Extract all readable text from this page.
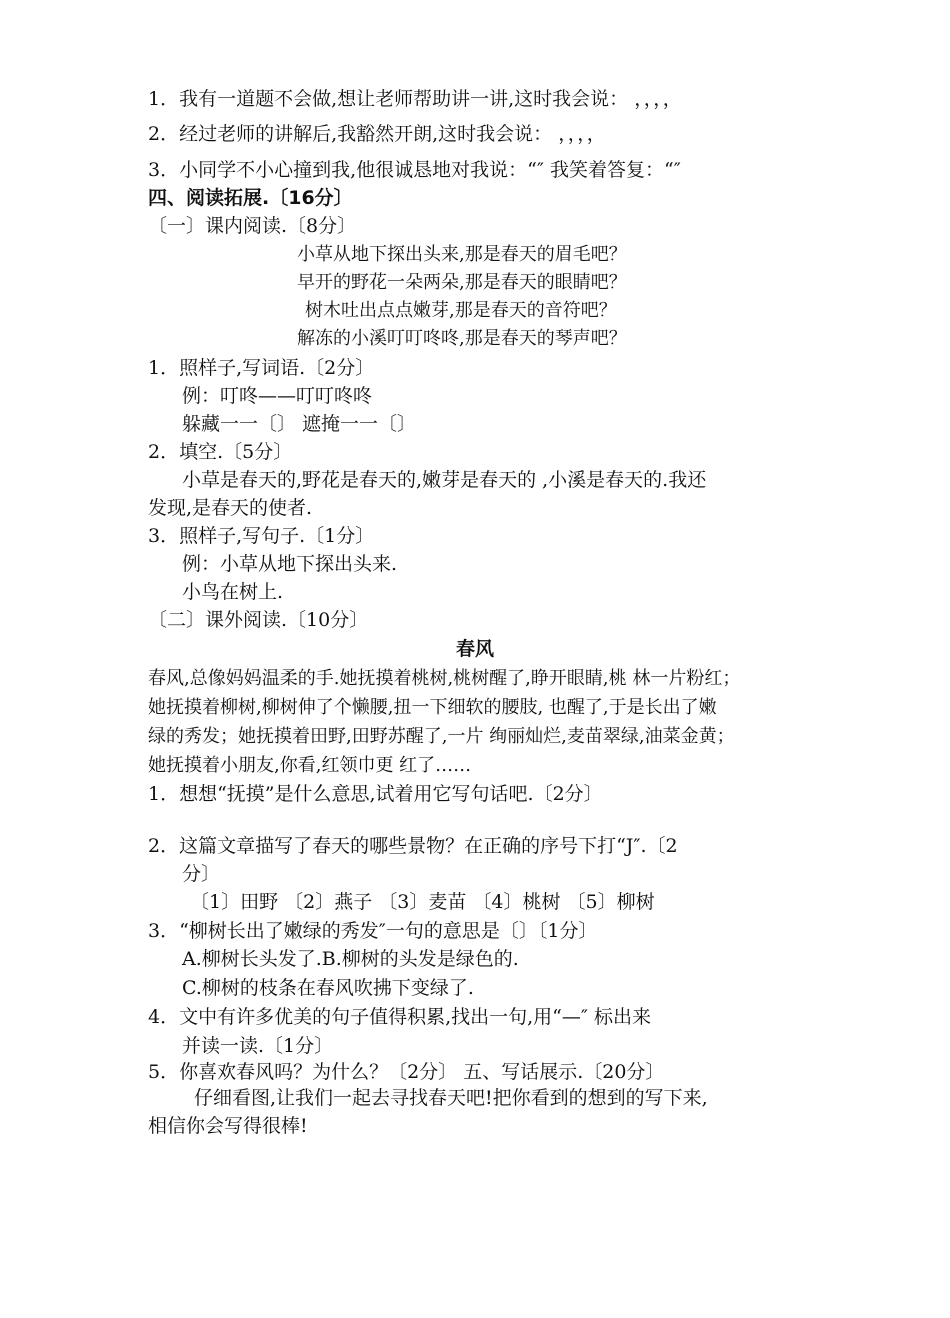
1．我有一道题不会做,想让老师帮助讲一讲,这时我会说： ，，，，
2．经过老师的讲解后,我豁然开朗,这时我会说： ，，，，
3．小同学不小心撞到我,他很诚恳地对我说：“″ 我笑着答复：“″
四、阅读拓展.〔16分〕
〔一〕课内阅读.〔8分〕
小草从地下探出头来,那是春天的眉毛吧？
早开的野花一朵两朵,那是春天的眼睛吧？
树木吐出点点嫩芽,那是春天的音符吧？
解冻的小溪叮叮咚咚,那是春天的琴声吧？
1．照样子,写词语.〔2分〕
例：叮咚——叮叮咚咚
躲藏一一〔〕 遮掩一一〔〕
2．填空.〔5分〕
小草是春天的,野花是春天的,嫩芽是春天的 ,小溪是春天的.我还
发现,是春天的使者.
3．照样子,写句子.〔1分〕
例：小草从地下探出头来.
小鸟在树上.
〔二〕课外阅读.〔10分〕
春风
春风,总像妈妈温柔的手.她抚摸着桃树,桃树醒了,睁开眼睛,桃 林一片粉红；
她抚摸着柳树,柳树伸了个懒腰,扭一下细软的腰肢, 也醒了,于是长出了嫩
绿的秀发；她抚摸着田野,田野苏醒了,一片 绚丽灿烂,麦苗翠绿,油菜金黄；
她抚摸着小朋友,你看,红领巾更 红了……
1．想想“抚摸”是什么意思,试着用它写句话吧.〔2分〕
2．这篇文章描写了春天的哪些景物？在正确的序号下打“J″.〔2
分〕
〔1〕田野 〔2〕燕子 〔3〕麦苗 〔4〕桃树 〔5〕柳树
3．“柳树长出了嫩绿的秀发″一句的意思是〔〕〔1分〕
A.柳树长头发了.B.柳树的头发是绿色的.
C.柳树的枝条在春风吹拂下变绿了.
4．文中有许多优美的句子值得积累,找出一句,用“—″ 标出来
并读一读.〔1分〕
5．你喜欢春风吗？为什么？〔2分〕 五、写话展示.〔20分〕
仔细看图,让我们一起去寻找春天吧!把你看到的想到的写下来,
相信你会写得很棒!
